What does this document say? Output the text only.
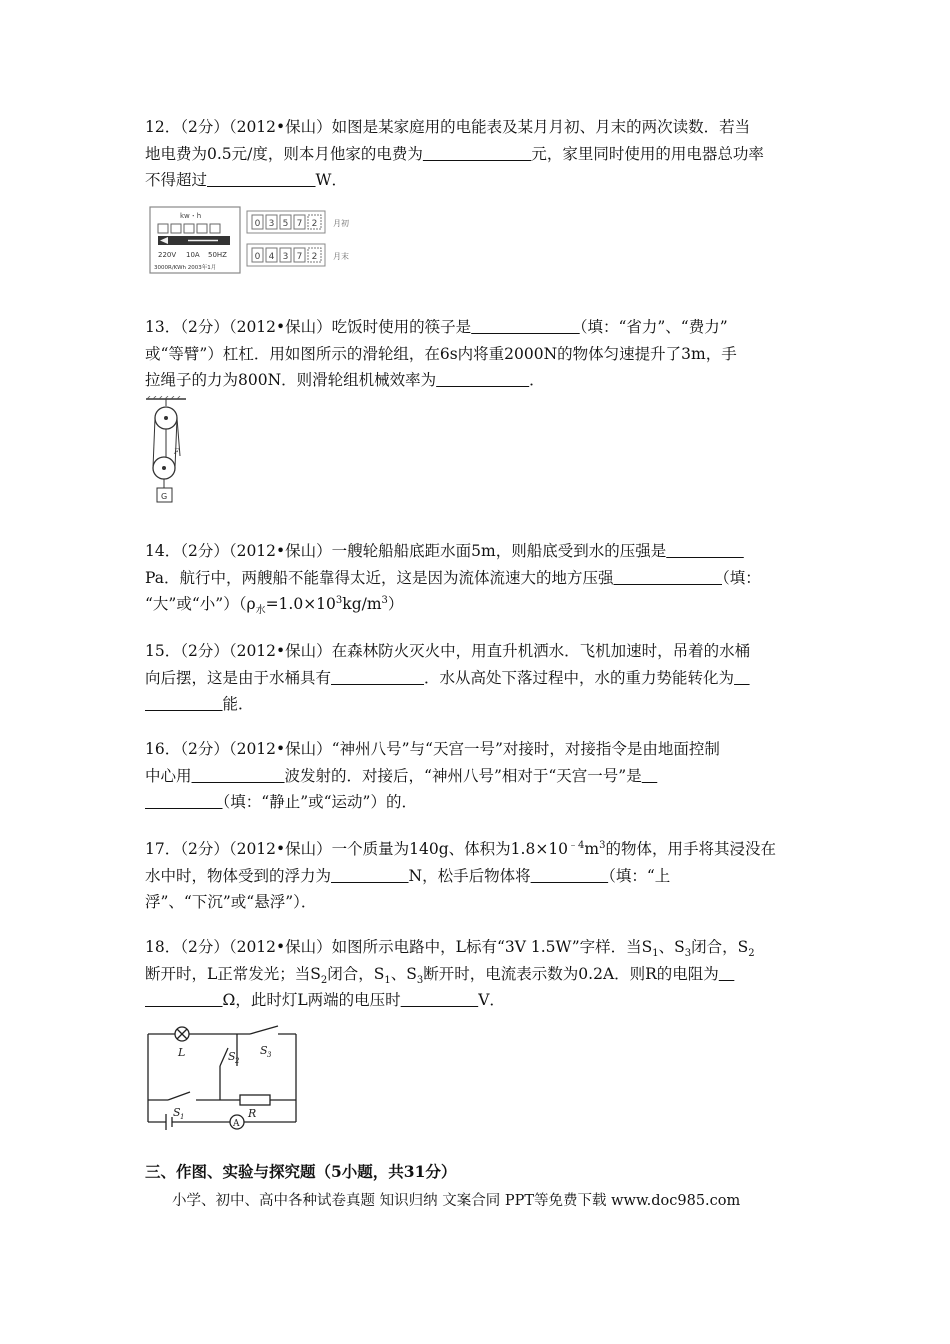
12．（2分）（2012•保山）如图是某家庭用的电能表及某月月初、月末的两次读数．若当

地电费为0.5元/度，则本月他家的电费为　　　　　　　	元，家里同时使用的用电器总功率

不得超过　　　　　　　	W．

kw・h
220V 10A 50HZ
3000R/KWh 2003年1月
0 3 5 7 2
0 4 3 7 2
月初
月末

13．（2分）（2012•保山）吃饭时使用的筷子是　　　　　　　	（填：“省力”、“费力”

或“等臂”）杠杠．用如图所示的滑轮组，在6s内将重2000N的物体匀速提升了3m，手

拉绳子的力为800N．则滑轮组机械效率为　　　　　　	．

F
G

14．（2分）（2012•保山）一艘轮船船底距水面5m，则船底受到水的压强是　　　　　

Pa．航行中，两艘船不能靠得太近，这是因为流体流速大的地方压强　　　　　　　	（填：

“大”或“小$”)(\rho_水=1.0\times 10^3kg/m^3)$

15．（2分）（2012•保山）在森林防火灭火中，用直升机洒水．飞机加速时，吊着的水桶

向后摆，这是由于水桶具有　　　　　　	．水从高处下落过程中，水的重力势能转化为　

　　　　　能．

16．（2分）（2012•保山）“神州八号”与“天宫一号”对接时，对接指令是由地面控制

中心用　　　　　　	波发射的．对接后，“神州八号”相对于“天宫一号”是　

　　　　　（填：“静止”或“运动”）的．

17．（2分）（2012•保山）一个质量为140g、体积为$1.8\times 10^{﹣4}m^3$的物体，用手将其浸没在

水中时，物体受到的浮力为　　　　　	N，松手后物体将　　　　　	（填：“上

浮”、“下沉”或“悬浮”）．

18．（2分）（2012•保山）如图所示电路中，L标有“3V 1.5W”字样．当$S_1$、$S_3$闭合，$S_2$

断开时，L正常发光；当$S_2$闭合，$S_1$、$S_3$断开时，电流表示数为0.2A．则R的电阻为　

　　　　　Ω，此时灯L两端的电压时　　　　　	V．

L	S 2
S 3
S 1	R
A
三、作图、实验与探究题（5小题，共31分）
小学、初中、高中各种试卷真题 知识归纳 文案合同 PPT等免费下载 www.doc985.com
